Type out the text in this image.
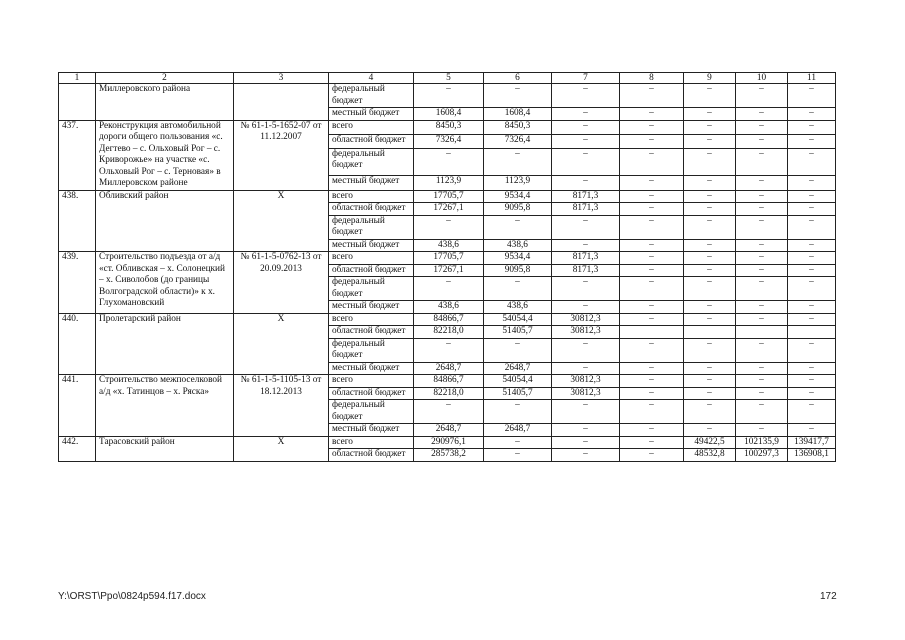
1	2	3	4	5	6	7	8	9	10	11
	Миллеровского района		федеральный бюджет	–	–	–	–	–	–	–
			местный бюджет	1608,4	1608,4	–	–	–	–	–
437.	Реконструкция автомобильной дороги общего пользования «с. Дегтево – с. Ольховый Рог – с. Криворожье» на участке «с. Ольховый Рог – с. Терновая» в Миллеровском районе	№ 61-1-5-1652-07 от 11.12.2007	всего	8450,3	8450,3	–	–	–	–	–
			областной бюджет	7326,4	7326,4	–	–	–	–	–
			федеральный бюджет	–	–	–	–	–	–	–
			местный бюджет	1123,9	1123,9	–	–	–	–	–
438.	Обливский район	Х	всего	17705,7	9534,4	8171,3	–	–	–	–
			областной бюджет	17267,1	9095,8	8171,3	–	–	–	–
			федеральный бюджет	–	–	–	–	–	–	–
			местный бюджет	438,6	438,6	–	–	–	–	–
439.	Строительство подъезда от а/д «ст. Обливская – х. Солонецкий – х. Сиволобов (до границы Волгоградской области)» к х. Глухомановский	№ 61-1-5-0762-13 от 20.09.2013	всего	17705,7	9534,4	8171,3	–	–	–	–
			областной бюджет	17267,1	9095,8	8171,3	–	–	–	–
			федеральный бюджет	–	–	–	–	–	–	–
			местный бюджет	438,6	438,6	–	–	–	–	–
440.	Пролетарский район	Х	всего	84866,7	54054,4	30812,3	–	–	–	–
			областной бюджет	82218,0	51405,7	30812,3				
			федеральный бюджет	–	–	–	–	–	–	–
			местный бюджет	2648,7	2648,7	–	–	–	–	–
441.	Строительство межпоселковой а/д «х. Татинцов – х. Ряска»	№ 61-1-5-1105-13 от 18.12.2013	всего	84866,7	54054,4	30812,3	–	–	–	–
			областной бюджет	82218,0	51405,7	30812,3	–	–	–	–
			федеральный бюджет	–	–	–	–	–	–	–
			местный бюджет	2648,7	2648,7	–	–	–	–	–
442.	Тарасовский район	Х	всего	290976,1	–	–	–	49422,5	102135,9	139417,7
			областной бюджет	285738,2	–	–	–	48532,8	100297,3	136908,1
Y:\ORST\Ppo\0824p594.f17.docx	172
